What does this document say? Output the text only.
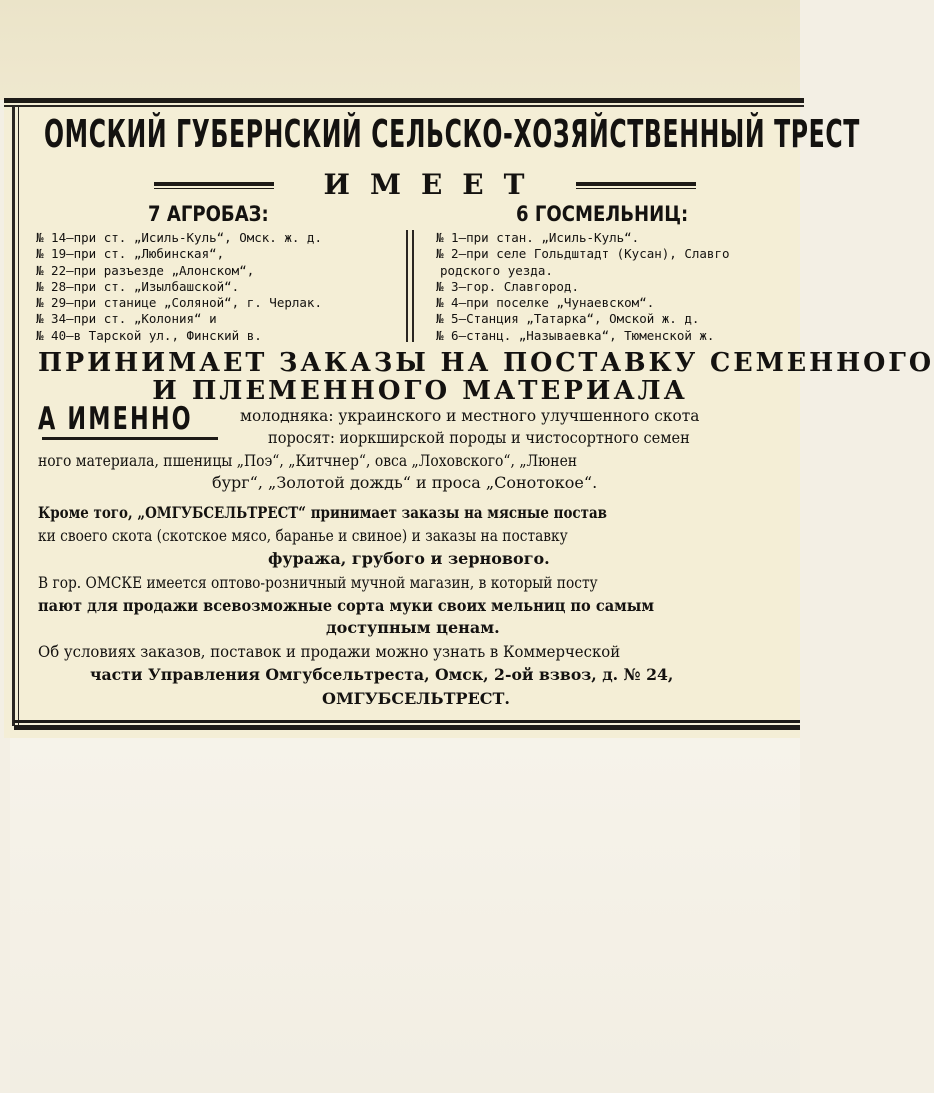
ОМСКИЙ ГУБЕРНСКИЙ СЕЛЬСКО-ХОЗЯЙСТВЕННЫЙ ТРЕСТ
ИМЕЕТ
7 АГРОБАЗ:	6 ГОСМЕЛЬНИЦ:
№ 14—при ст. „Исиль-Куль“, Омск. ж. д.
№ 19—при ст. „Любинская“,
№ 22—при разъезде „Алонском“,
№ 28—при ст. „Изылбашской“.
№ 29—при станице „Соляной“, г. Черлак.
№ 34—при ст. „Колония“ и
№ 40—в Тарской ул., Финский в.
№ 1—при стан. „Исиль-Куль“.
№ 2—при селе Гольдштадт (Кусан), Славго
родского уезда.
№ 3—гор. Славгород.
№ 4—при поселке „Чунаевском“.
№ 5—Станция „Татарка“, Омской ж. д.
№ 6—станц. „Называевка“, Тюменской ж.
ПРИНИМАЕТ ЗАКАЗЫ НА ПОСТАВКУ СЕМЕННОГО
И ПЛЕМЕННОГО МАТЕРИАЛА
А ИМЕННО	молодняка: украинского и местного улучшенного скота
поросят: иоркширской породы и чистосортного семен
ного материала, пшеницы „Поэ“, „Китчнер“, овса „Лоховского“, „Люнен
бург“, „Золотой дождь“ и проса „Сонотокое“.
Кроме того, „ОМГУБСЕЛЬТРЕСТ“ принимает заказы на мясные постав
ки своего скота (скотское мясо, баранье и свиное) и заказы на поставку
фуража, грубого и зернового.
В гор. ОМСКЕ имеется оптово-розничный мучной магазин, в который посту
пают для продажи всевозможные сорта муки своих мельниц по самым
доступным ценам.
Об условиях заказов, поставок и продажи можно узнать в Коммерческой
части Управления Омгубсельтреста, Омск, 2-ой взвоз, д. № 24,
ОМГУБСЕЛЬТРЕСТ.
